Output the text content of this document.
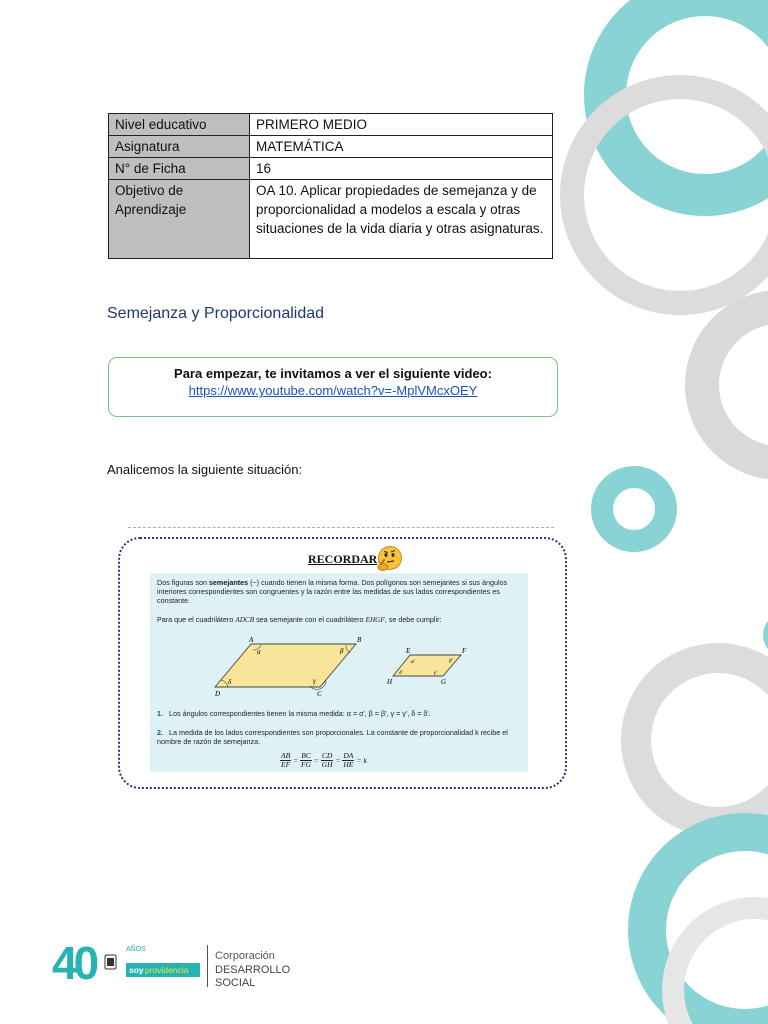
Nivel educativo	PRIMERO MEDIO
Asignatura	MATEMÁTICA
N° de Ficha	16
Objetivo de Aprendizaje	OA 10. Aplicar propiedades de semejanza y de proporcionalidad a modelos a escala y otras situaciones de la vida diaria y otras asignaturas.
Semejanza y Proporcionalidad
Para empezar, te invitamos a ver el siguiente video:
https://www.youtube.com/watch?v=-MplVMcxOEY
Analicemos la siguiente situación:
RECORDAR

Dos figuras son semejantes (~) cuando tienen la misma forma. Dos polígonos son semejantes si sus ángulos interiores correspondientes son congruentes y la razón entre las medidas de sus lados correspondientes es constante.

Para que el cuadrilátero ADCB sea semejante con el cuadrilátero EHGF, se debe cumplir:

A	B
C
D
α	β
γ
δ
E	F
G
H
α'	β'
γ'
δ'
1. Los ángulos correspondientes tienen la misma medida: α = α', β = β', γ = γ', δ = δ'.
2. La medida de los lados correspondientes son proporcionales. La constante de proporcionalidad k recibe el nombre de razón de semejanza.
$\frac{AB}{EF} = \frac{BC}{FG} = \frac{CD}{GH} = \frac{DA}{HE} = k$
40	AÑOS
soy providencia
Corporación
DESARROLLO
SOCIAL
